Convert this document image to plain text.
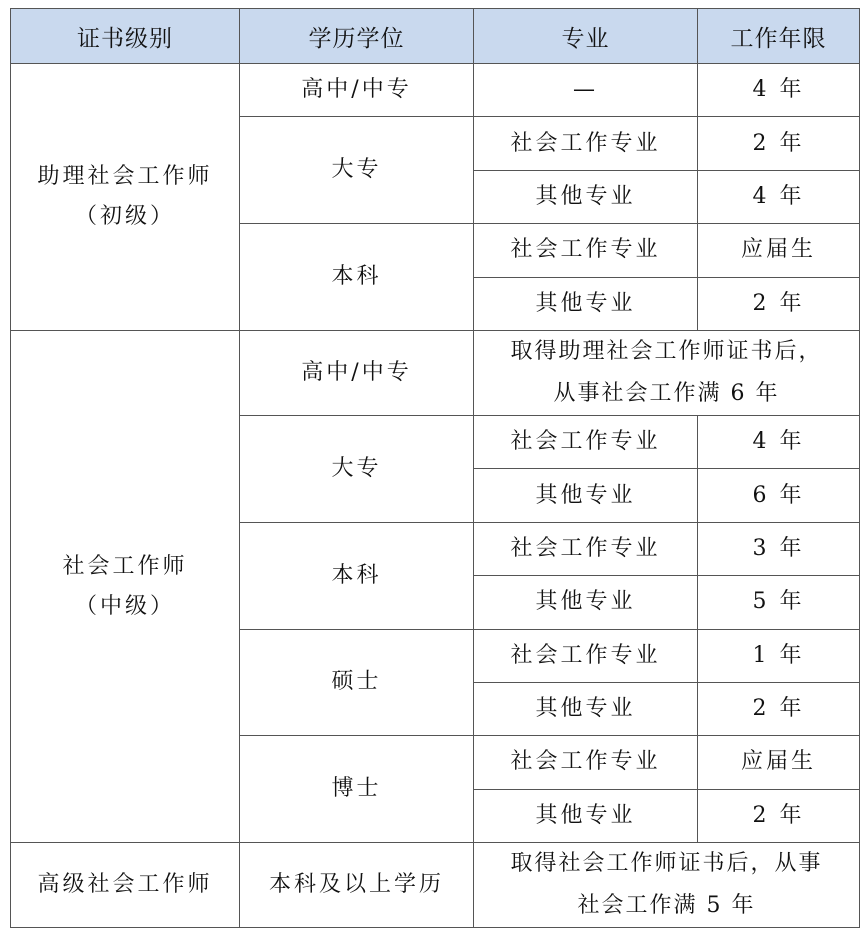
证书级别	学历学位	专业	工作年限

助理社会工作师
（初级）	高中/中专	—	4 年
	大专	社会工作专业	2 年
		其他专业	4 年
	本科	社会工作专业	应届生
		其他专业	2 年

社会工作师
（中级）	高中/中专	取得助理社会工作师证书后，
从事社会工作满 6 年	

	大专	社会工作专业	4 年
		其他专业	6 年
	本科	社会工作专业	3 年
		其他专业	5 年
	硕士	社会工作专业	1 年
		其他专业	2 年
	博士	社会工作专业	应届生
		其他专业	2 年

高级社会工作师	本科及以上学历	取得社会工作师证书后，从事
社会工作满 5 年	
